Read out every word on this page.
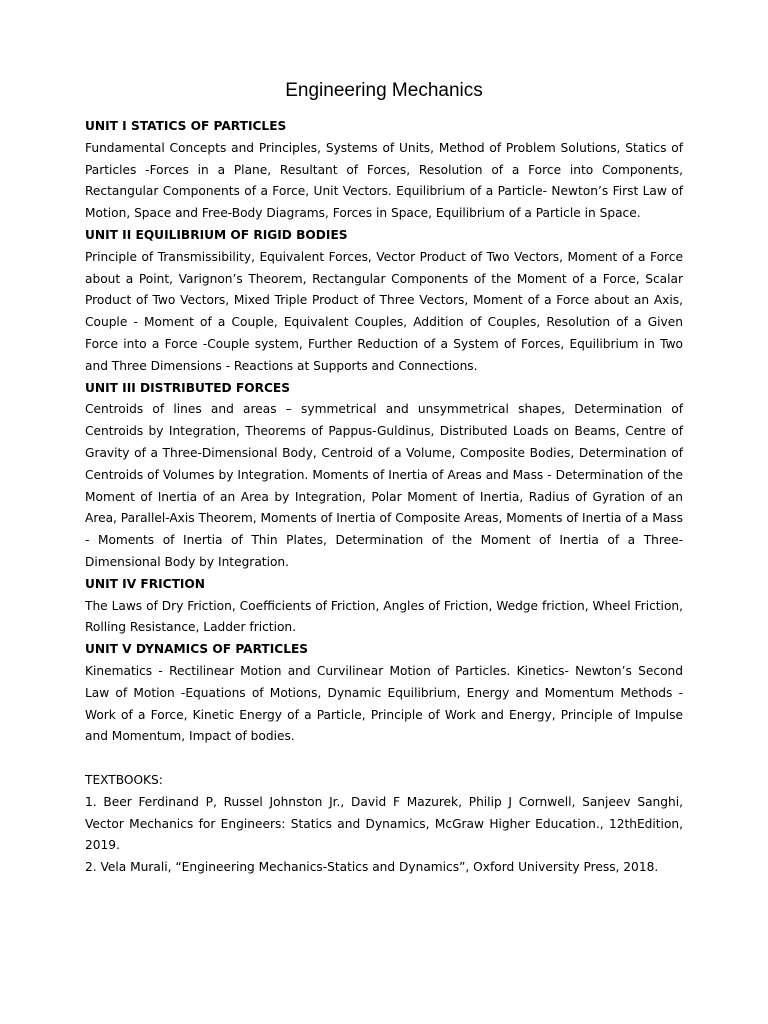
Engineering Mechanics

UNIT I STATICS OF PARTICLES

Fundamental Concepts and Principles, Systems of Units, Method of Problem Solutions, Statics of Particles -Forces in a Plane, Resultant of Forces, Resolution of a Force into Components, Rectangular Components of a Force, Unit Vectors. Equilibrium of a Particle- Newton’s First Law of Motion, Space and Free-Body Diagrams, Forces in Space, Equilibrium of a Particle in Space.

UNIT II EQUILIBRIUM OF RIGID BODIES

Principle of Transmissibility, Equivalent Forces, Vector Product of Two Vectors, Moment of a Force about a Point, Varignon’s Theorem, Rectangular Components of the Moment of a Force, Scalar Product of Two Vectors, Mixed Triple Product of Three Vectors, Moment of a Force about an Axis, Couple - Moment of a Couple, Equivalent Couples, Addition of Couples, Resolution of a Given Force into a Force -Couple system, Further Reduction of a System of Forces, Equilibrium in Two and Three Dimensions - Reactions at Supports and Connections.

UNIT III DISTRIBUTED FORCES

Centroids of lines and areas – symmetrical and unsymmetrical shapes, Determination of Centroids by Integration, Theorems of Pappus-Guldinus, Distributed Loads on Beams, Centre of Gravity of a Three-Dimensional Body, Centroid of a Volume, Composite Bodies, Determination of Centroids of Volumes by Integration. Moments of Inertia of Areas and Mass - Determination of the Moment of Inertia of an Area by Integration, Polar Moment of Inertia, Radius of Gyration of an Area, Parallel-Axis Theorem, Moments of Inertia of Composite Areas, Moments of Inertia of a Mass - Moments of Inertia of Thin Plates, Determination of the Moment of Inertia of a Three-Dimensional Body by Integration.

UNIT IV FRICTION

The Laws of Dry Friction, Coefficients of Friction, Angles of Friction, Wedge friction, Wheel Friction, Rolling Resistance, Ladder friction.

UNIT V DYNAMICS OF PARTICLES

Kinematics - Rectilinear Motion and Curvilinear Motion of Particles. Kinetics- Newton’s Second Law of Motion -Equations of Motions, Dynamic Equilibrium, Energy and Momentum Methods - Work of a Force, Kinetic Energy of a Particle, Principle of Work and Energy, Principle of Impulse and Momentum, Impact of bodies.

TEXTBOOKS:

1. Beer Ferdinand P, Russel Johnston Jr., David F Mazurek, Philip J Cornwell, Sanjeev Sanghi, Vector Mechanics for Engineers: Statics and Dynamics, McGraw Higher Education., 12thEdition, 2019.

2. Vela Murali, “Engineering Mechanics-Statics and Dynamics”, Oxford University Press, 2018.
